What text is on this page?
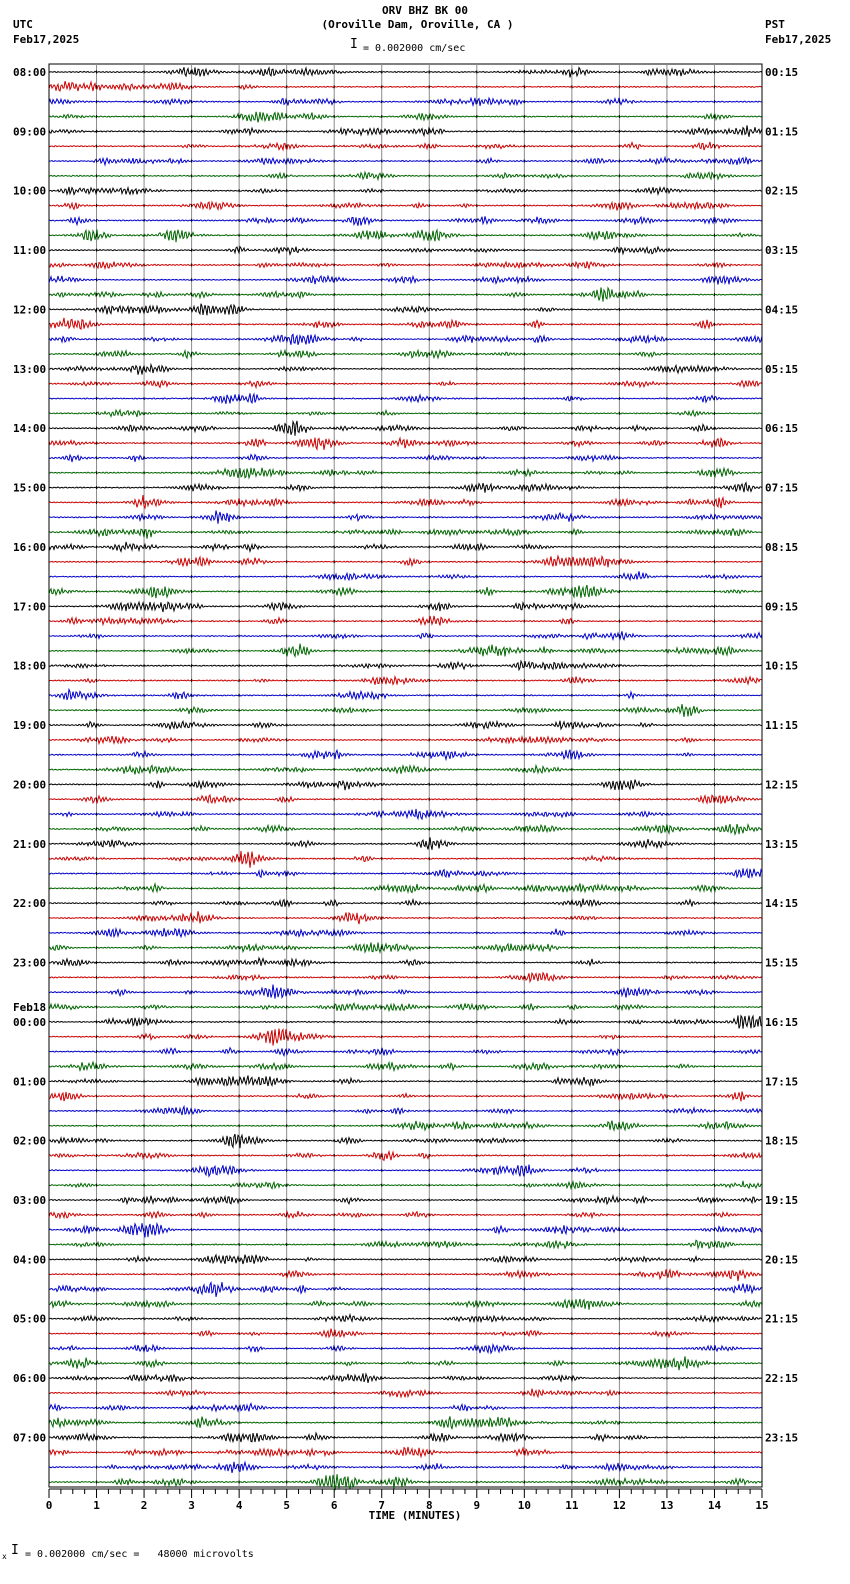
ORV BHZ BK 00
(Oroville Dam, Oroville, CA )
UTC
Feb17,2025
PST
Feb17,2025
I = 0.002000 cm/sec
08:00
09:00
10:00
11:00
12:00
13:00
14:00
15:00
16:00
17:00
18:00
19:00
20:00
21:00
22:00
23:00
00:00
01:00
02:00
03:00
04:00
05:00
06:00
07:00
00:15
01:15
02:15
03:15
04:15
05:15
06:15
07:15
08:15
09:15
10:15
11:15
12:15
13:15
14:15
15:15
16:15
17:15
18:15
19:15
20:15
21:15
22:15
23:15
0	1	2	3	4	5	6	7	8	9	10	11	12	13	14	15
Feb18
TIME (MINUTES)
x I = 0.002000 cm/sec =   48000 microvolts
